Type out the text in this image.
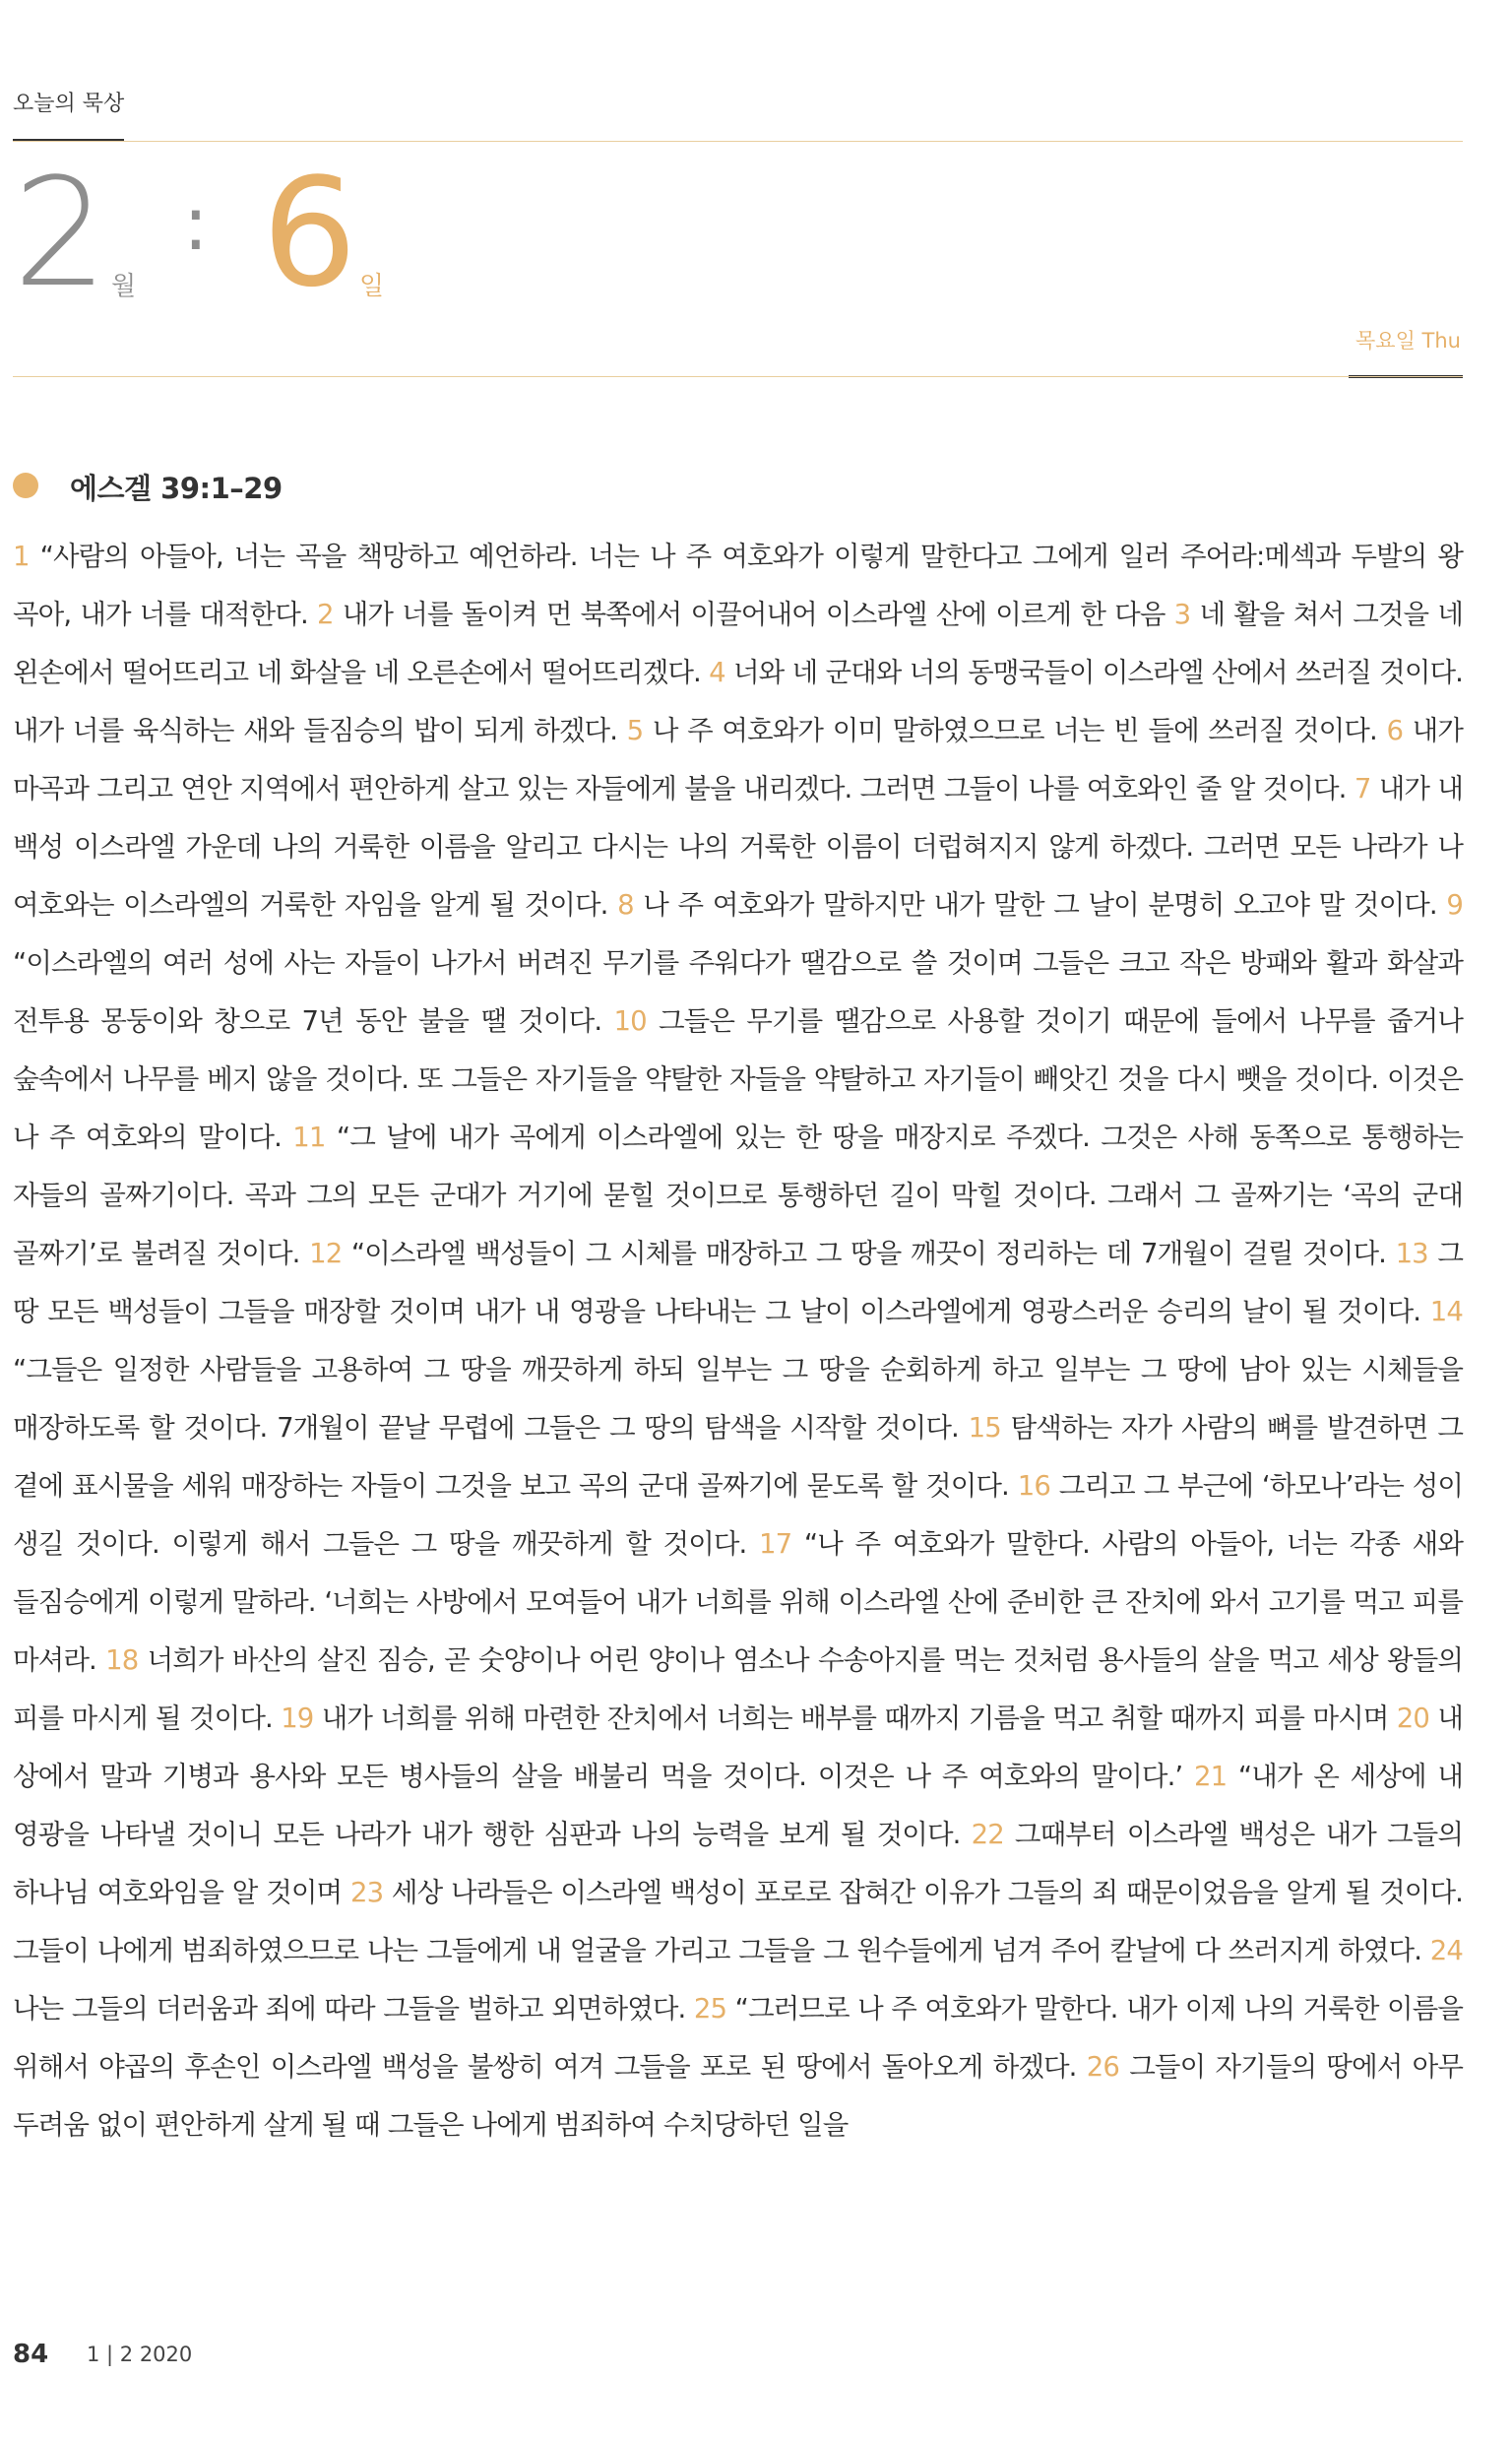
오늘의 묵상
2 월
: 6 일
목요일 Thu
에스겔 39:1–29
1 “사람의 아들아, 너는 곡을 책망하고 예언하라. 너는 나 주 여호와가 이렇게 말한다고 그에게 일러 주어라:메섹과 두발의 왕 곡아, 내가 너를 대적한다. 2 내가 너를 돌이켜 먼 북쪽에서 이끌어내어 이스라엘 산에 이르게 한 다음 3 네 활을 쳐서 그것을 네 왼손에서 떨어뜨리고 네 화살을 네 오른손에서 떨어뜨리겠다. 4 너와 네 군대와 너의 동맹국들이 이스라엘 산에서 쓰러질 것이다. 내가 너를 육식하는 새와 들짐승의 밥이 되게 하겠다. 5 나 주 여호와가 이미 말하였으므로 너는 빈 들에 쓰러질 것이다. 6 내가 마곡과 그리고 연안 지역에서 편안하게 살고 있는 자들에게 불을 내리겠다. 그러면 그들이 나를 여호와인 줄 알 것이다. 7 내가 내 백성 이스라엘 가운데 나의 거룩한 이름을 알리고 다시는 나의 거룩한 이름이 더럽혀지지 않게 하겠다. 그러면 모든 나라가 나 여호와는 이스라엘의 거룩한 자임을 알게 될 것이다. 8 나 주 여호와가 말하지만 내가 말한 그 날이 분명히 오고야 말 것이다. 9 “이스라엘의 여러 성에 사는 자들이 나가서 버려진 무기를 주워다가 땔감으로 쓸 것이며 그들은 크고 작은 방패와 활과 화살과 전투용 몽둥이와 창으로 7년 동안 불을 땔 것이다. 10 그들은 무기를 땔감으로 사용할 것이기 때문에 들에서 나무를 줍거나 숲속에서 나무를 베지 않을 것이다. 또 그들은 자기들을 약탈한 자들을 약탈하고 자기들이 빼앗긴 것을 다시 뺏을 것이다. 이것은 나 주 여호와의 말이다. 11 “그 날에 내가 곡에게 이스라엘에 있는 한 땅을 매장지로 주겠다. 그것은 사해 동쪽으로 통행하는 자들의 골짜기이다. 곡과 그의 모든 군대가 거기에 묻힐 것이므로 통행하던 길이 막힐 것이다. 그래서 그 골짜기는 ‘곡의 군대 골짜기’로 불려질 것이다. 12 “이스라엘 백성들이 그 시체를 매장하고 그 땅을 깨끗이 정리하는 데 7개월이 걸릴 것이다. 13 그 땅 모든 백성들이 그들을 매장할 것이며 내가 내 영광을 나타내는 그 날이 이스라엘에게 영광스러운 승리의 날이 될 것이다. 14 “그들은 일정한 사람들을 고용하여 그 땅을 깨끗하게 하되 일부는 그 땅을 순회하게 하고 일부는 그 땅에 남아 있는 시체들을 매장하도록 할 것이다. 7개월이 끝날 무렵에 그들은 그 땅의 탐색을 시작할 것이다. 15 탐색하는 자가 사람의 뼈를 발견하면 그 곁에 표시물을 세워 매장하는 자들이 그것을 보고 곡의 군대 골짜기에 묻도록 할 것이다. 16 그리고 그 부근에 ‘하모나’라는 성이 생길 것이다. 이렇게 해서 그들은 그 땅을 깨끗하게 할 것이다. 17 “나 주 여호와가 말한다. 사람의 아들아, 너는 각종 새와 들짐승에게 이렇게 말하라. ‘너희는 사방에서 모여들어 내가 너희를 위해 이스라엘 산에 준비한 큰 잔치에 와서 고기를 먹고 피를 마셔라. 18 너희가 바산의 살진 짐승, 곧 숫양이나 어린 양이나 염소나 수송아지를 먹는 것처럼 용사들의 살을 먹고 세상 왕들의 피를 마시게 될 것이다. 19 내가 너희를 위해 마련한 잔치에서 너희는 배부를 때까지 기름을 먹고 취할 때까지 피를 마시며 20 내 상에서 말과 기병과 용사와 모든 병사들의 살을 배불리 먹을 것이다. 이것은 나 주 여호와의 말이다.’ 21 “내가 온 세상에 내 영광을 나타낼 것이니 모든 나라가 내가 행한 심판과 나의 능력을 보게 될 것이다. 22 그때부터 이스라엘 백성은 내가 그들의 하나님 여호와임을 알 것이며 23 세상 나라들은 이스라엘 백성이 포로로 잡혀간 이유가 그들의 죄 때문이었음을 알게 될 것이다. 그들이 나에게 범죄하였으므로 나는 그들에게 내 얼굴을 가리고 그들을 그 원수들에게 넘겨 주어 칼날에 다 쓰러지게 하였다. 24 나는 그들의 더러움과 죄에 따라 그들을 벌하고 외면하였다. 25 “그러므로 나 주 여호와가 말한다. 내가 이제 나의 거룩한 이름을 위해서 야곱의 후손인 이스라엘 백성을 불쌍히 여겨 그들을 포로 된 땅에서 돌아오게 하겠다. 26 그들이 자기들의 땅에서 아무 두려움 없이 편안하게 살게 될 때 그들은 나에게 범죄하여 수치당하던 일을
84 1 | 2 2020
